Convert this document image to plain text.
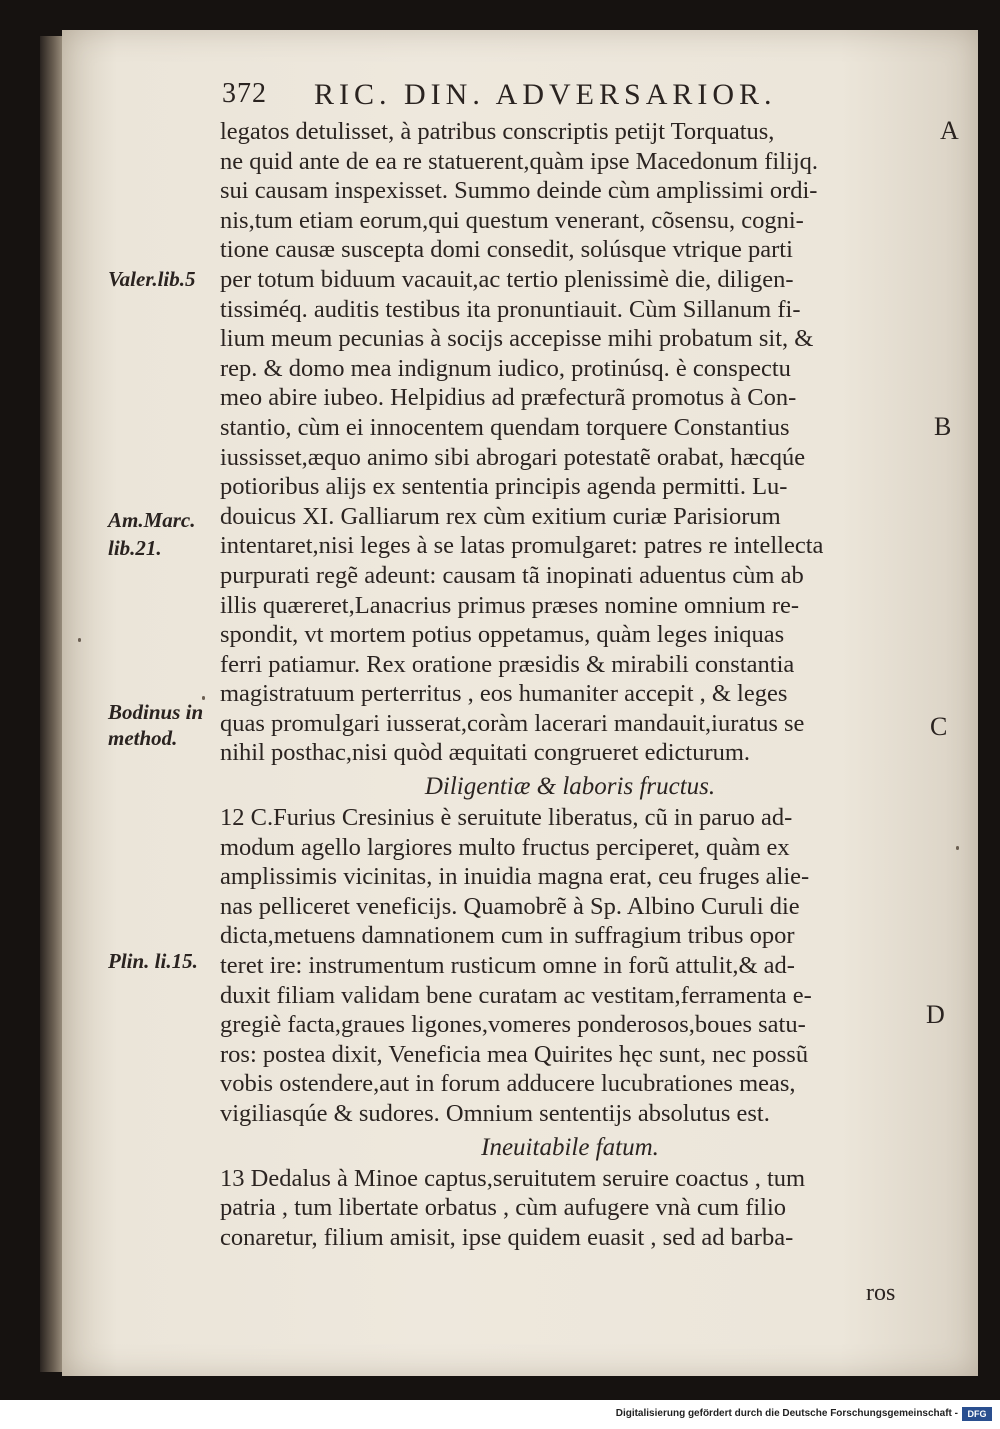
372 RIC. DIN. ADVERSARIOR.
legatos detulisset, à patribus conscriptis petijt Torquatus,
ne quid ante de ea re statuerent,quàm ipse Macedonum filijq.
sui causam inspexisset. Summo deinde cùm amplissimi ordi-
nis,tum etiam eorum,qui questum venerant, cõsensu, cogni-
tione causæ suscepta domi consedit, solúsque vtrique parti
per totum biduum vacauit,ac tertio plenissimè die, diligen-
tissiméq. auditis testibus ita pronuntiauit. Cùm Sillanum fi-
lium meum pecunias à socijs accepisse mihi probatum sit, &
rep. & domo mea indignum iudico, protinúsq. è conspectu
meo abire iubeo. Helpidius ad præfecturã promotus à Con-
stantio, cùm ei innocentem quendam torquere Constantius
iussisset,æquo animo sibi abrogari potestatẽ orabat, hæcqúe
potioribus alijs ex sententia principis agenda permitti. Lu-
douicus XI. Galliarum rex cùm exitium curiæ Parisiorum
intentaret,nisi leges à se latas promulgaret: patres re intellecta
purpurati regẽ adeunt: causam tã inopinati aduentus cùm ab
illis quæreret,Lanacrius primus præses nomine omnium re-
spondit, vt mortem potius oppetamus, quàm leges iniquas
ferri patiamur. Rex oratione præsidis & mirabili constantia
magistratuum perterritus , eos humaniter accepit , & leges
quas promulgari iusserat,coràm lacerari mandauit,iuratus se
nihil posthac,nisi quòd æquitati congrueret edicturum.
Diligentiæ & laboris fructus.
12 C.Furius Cresinius è seruitute liberatus, cũ in paruo ad-
modum agello largiores multo fructus perciperet, quàm ex
amplissimis vicinitas, in inuidia magna erat, ceu fruges alie-
nas pelliceret veneficijs. Quamobrẽ à Sp. Albino Curuli die
dicta,metuens damnationem cum in suffragium tribus opor
teret ire: instrumentum rusticum omne in forũ attulit,& ad-
duxit filiam validam bene curatam ac vestitam,ferramenta e-
gregiè facta,graues ligones,vomeres ponderosos,boues satu-
ros: postea dixit, Veneficia mea Quirites hęc sunt, nec possũ
vobis ostendere,aut in forum adducere lucubrationes meas,
vigiliasqúe & sudores. Omnium sententijs absolutus est.
Ineuitabile fatum.
13 Dedalus à Minoe captus,seruitutem seruire coactus , tum
patria , tum libertate orbatus , cùm aufugere vnà cum filio
conaretur, filium amisit, ipse quidem euasit , sed ad barba-
ros
Valer.lib.5
Am.Marc.
lib.21.
Bodinus in
method.
Plin. li.15.
A
B
C
D
Digitalisierung gefördert durch die Deutsche Forschungsgemeinschaft -	DFG
